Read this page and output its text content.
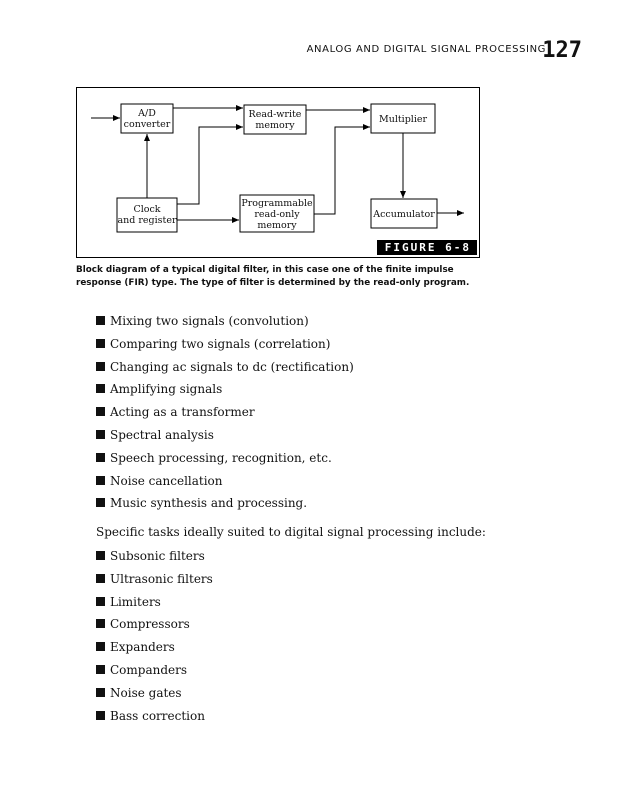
ANALOG AND DIGITAL SIGNAL PROCESSING
127
A/D
converter
Read-write
memory
Multiplier
Clock
and register
Programmable
read-only
memory
Accumulator
FIGURE 6-8
Block diagram of a typical digital filter, in this case one of the finite impulse response (FIR) type. The type of filter is determined by the read-only program.
Mixing two signals (convolution)
Comparing two signals (correlation)
Changing ac signals to dc (rectification)
Amplifying signals
Acting as a transformer
Spectral analysis
Speech processing, recognition, etc.
Noise cancellation
Music synthesis and processing.
Specific tasks ideally suited to digital signal processing include:
Subsonic filters
Ultrasonic filters
Limiters
Compressors
Expanders
Companders
Noise gates
Bass correction
